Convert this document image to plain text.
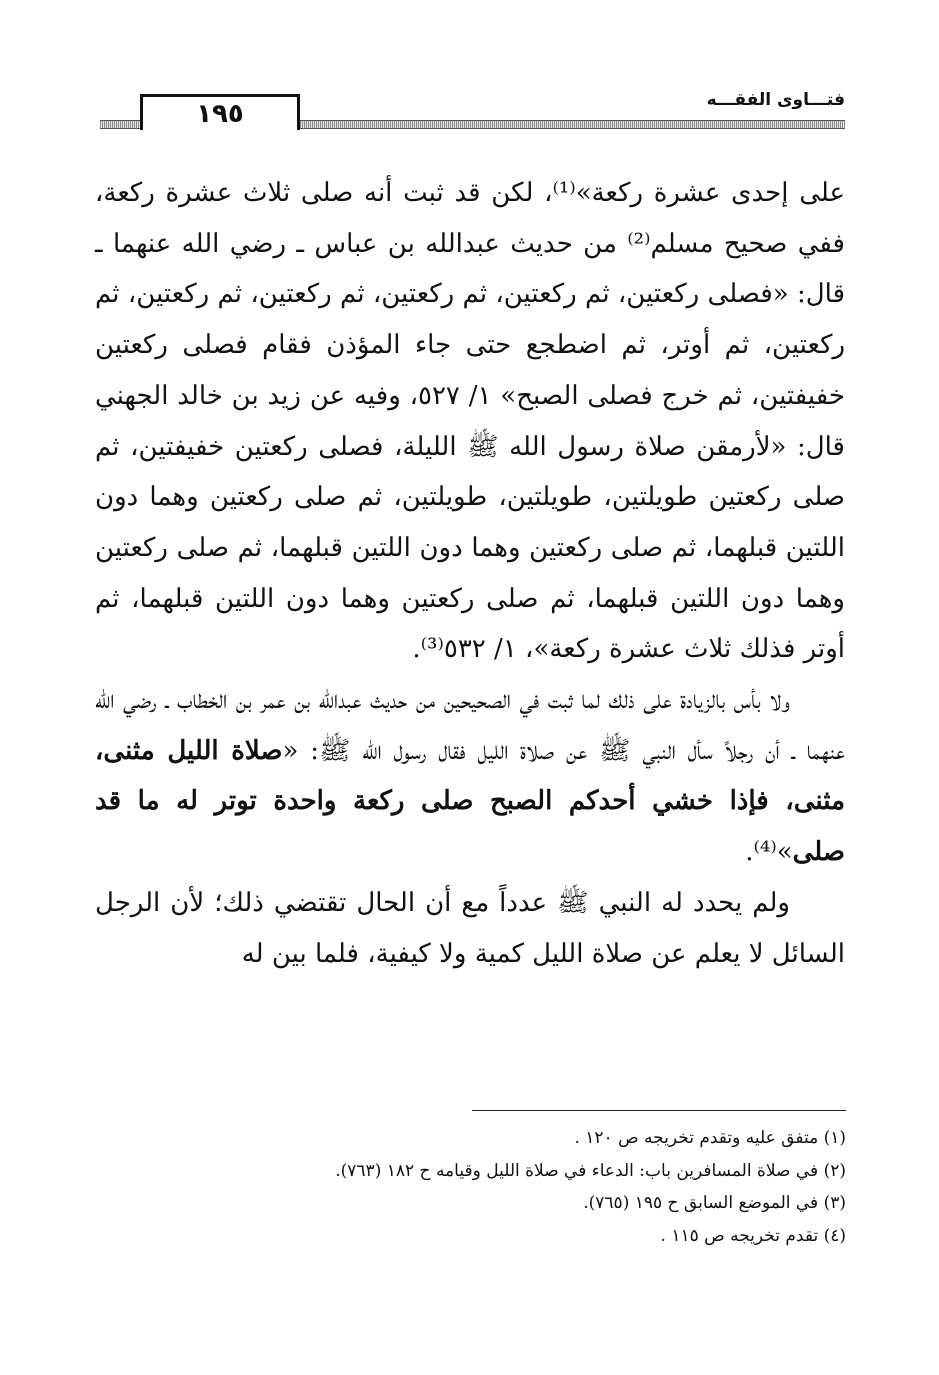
١٩٥	فتـــاوى الفقـــه

على إحدى عشرة ركعة»⁽¹⁾، لكن قد ثبت أنه صلى ثلاث عشرة ركعة، ففي صحيح مسلم⁽²⁾ من حديث عبدالله بن عباس ـ رضي الله عنهما ـ قال: «فصلى ركعتين، ثم ركعتين، ثم ركعتين، ثم ركعتين، ثم ركعتين، ثم ركعتين، ثم أوتر، ثم اضطجع حتى جاء المؤذن فقام فصلى ركعتين خفيفتين، ثم خرج فصلى الصبح» ١/ ٥٢٧، وفيه عن زيد بن خالد الجهني قال: «لأرمقن صلاة رسول الله ﷺ الليلة، فصلى ركعتين خفيفتين، ثم صلى ركعتين طويلتين، طويلتين، طويلتين، ثم صلى ركعتين وهما دون اللتين قبلهما، ثم صلى ركعتين وهما دون اللتين قبلهما، ثم صلى ركعتين وهما دون اللتين قبلهما، ثم صلى ركعتين وهما دون اللتين قبلهما، ثم أوتر فذلك ثلاث عشرة ركعة»، ١/ ٥٣٢⁽³⁾.

ولا بأس بالزيادة على ذلك لما ثبت في الصحيحين من حديث عبدالله بن عمر بن الخطاب ـ رضي الله عنهما ـ أن رجلاً سأل النبي ﷺ عن صلاة الليل فقال رسول الله ﷺ: «صلاة الليل مثنى، مثنى، فإذا خشي أحدكم الصبح صلى ركعة واحدة توتر له ما قد صلى»⁽⁴⁾.

ولم يحدد له النبي ﷺ عدداً مع أن الحال تقتضي ذلك؛ لأن الرجل السائل لا يعلم عن صلاة الليل كمية ولا كيفية، فلما بين له

(١) متفق عليه وتقدم تخريجه ص ١٢٠ .

(٢) في صلاة المسافرين باب: الدعاء في صلاة الليل وقيامه ح ١٨٢ (٧٦٣).

(٣) في الموضع السابق ح ١٩٥ (٧٦٥).

(٤) تقدم تخريجه ص ١١٥ .
